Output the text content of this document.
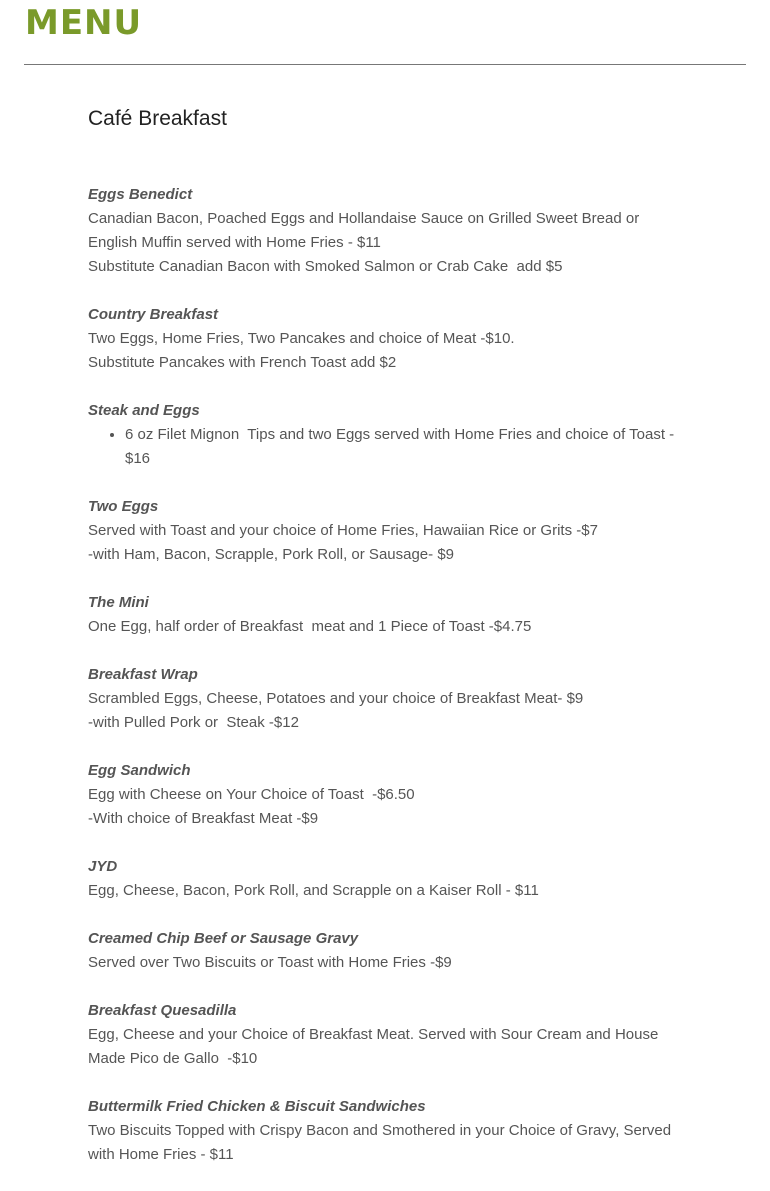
MENU
Café Breakfast
Eggs Benedict
Canadian Bacon, Poached Eggs and Hollandaise Sauce on Grilled Sweet Bread or English Muffin served with Home Fries - $11
Substitute Canadian Bacon with Smoked Salmon or Crab Cake  add $5
Country Breakfast
Two Eggs, Home Fries, Two Pancakes and choice of Meat -$10.
Substitute Pancakes with French Toast add $2
Steak and Eggs
• 6 oz Filet Mignon  Tips and two Eggs served with Home Fries and choice of Toast - $16
Two Eggs
Served with Toast and your choice of Home Fries, Hawaiian Rice or Grits -$7
-with Ham, Bacon, Scrapple, Pork Roll, or Sausage- $9
The Mini
One Egg, half order of Breakfast  meat and 1 Piece of Toast -$4.75
Breakfast Wrap
Scrambled Eggs, Cheese, Potatoes and your choice of Breakfast Meat- $9
-with Pulled Pork or  Steak -$12
Egg Sandwich
Egg with Cheese on Your Choice of Toast  -$6.50
-With choice of Breakfast Meat -$9
JYD
Egg, Cheese, Bacon, Pork Roll, and Scrapple on a Kaiser Roll - $11
Creamed Chip Beef or Sausage Gravy
Served over Two Biscuits or Toast with Home Fries -$9
Breakfast Quesadilla
Egg, Cheese and your Choice of Breakfast Meat. Served with Sour Cream and House Made Pico de Gallo  -$10
Buttermilk Fried Chicken & Biscuit Sandwiches
Two Biscuits Topped with Crispy Bacon and Smothered in your Choice of Gravy, Served with Home Fries - $11
